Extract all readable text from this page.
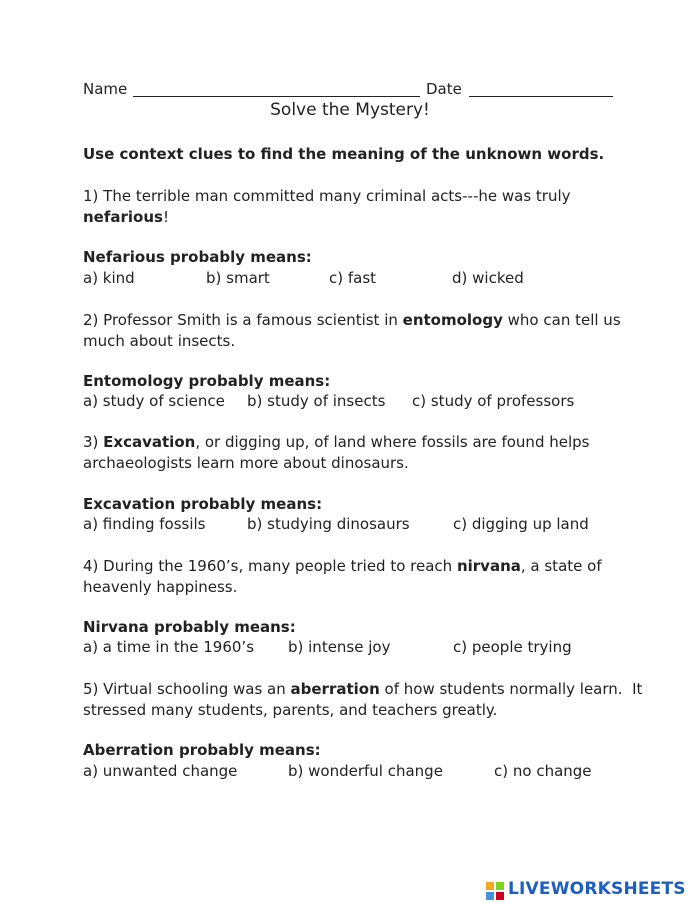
Name	Date
Solve the Mystery!
Use context clues to find the meaning of the unknown words.
1) The terrible man committed many criminal acts---he was truly nefarious!
Nefarious probably means:
a) kind	b) smart	c) fast	d) wicked
2) Professor Smith is a famous scientist in entomology who can tell us much about insects.
Entomology probably means:
a) study of science b) study of insects c) study of professors
3) Excavation, or digging up, of land where fossils are found helps archaeologists learn more about dinosaurs.
Excavation probably means:
a) finding fossils	b) studying dinosaurs	c) digging up land
4) During the 1960’s, many people tried to reach nirvana, a state of heavenly happiness.
Nirvana probably means:
a) a time in the 1960’s b) intense joy	c) people trying
5) Virtual schooling was an aberration of how students normally learn.  It stressed many students, parents, and teachers greatly.
Aberration probably means:
a) unwanted change	b) wonderful change	c) no change
LIVEWORKSHEETS
